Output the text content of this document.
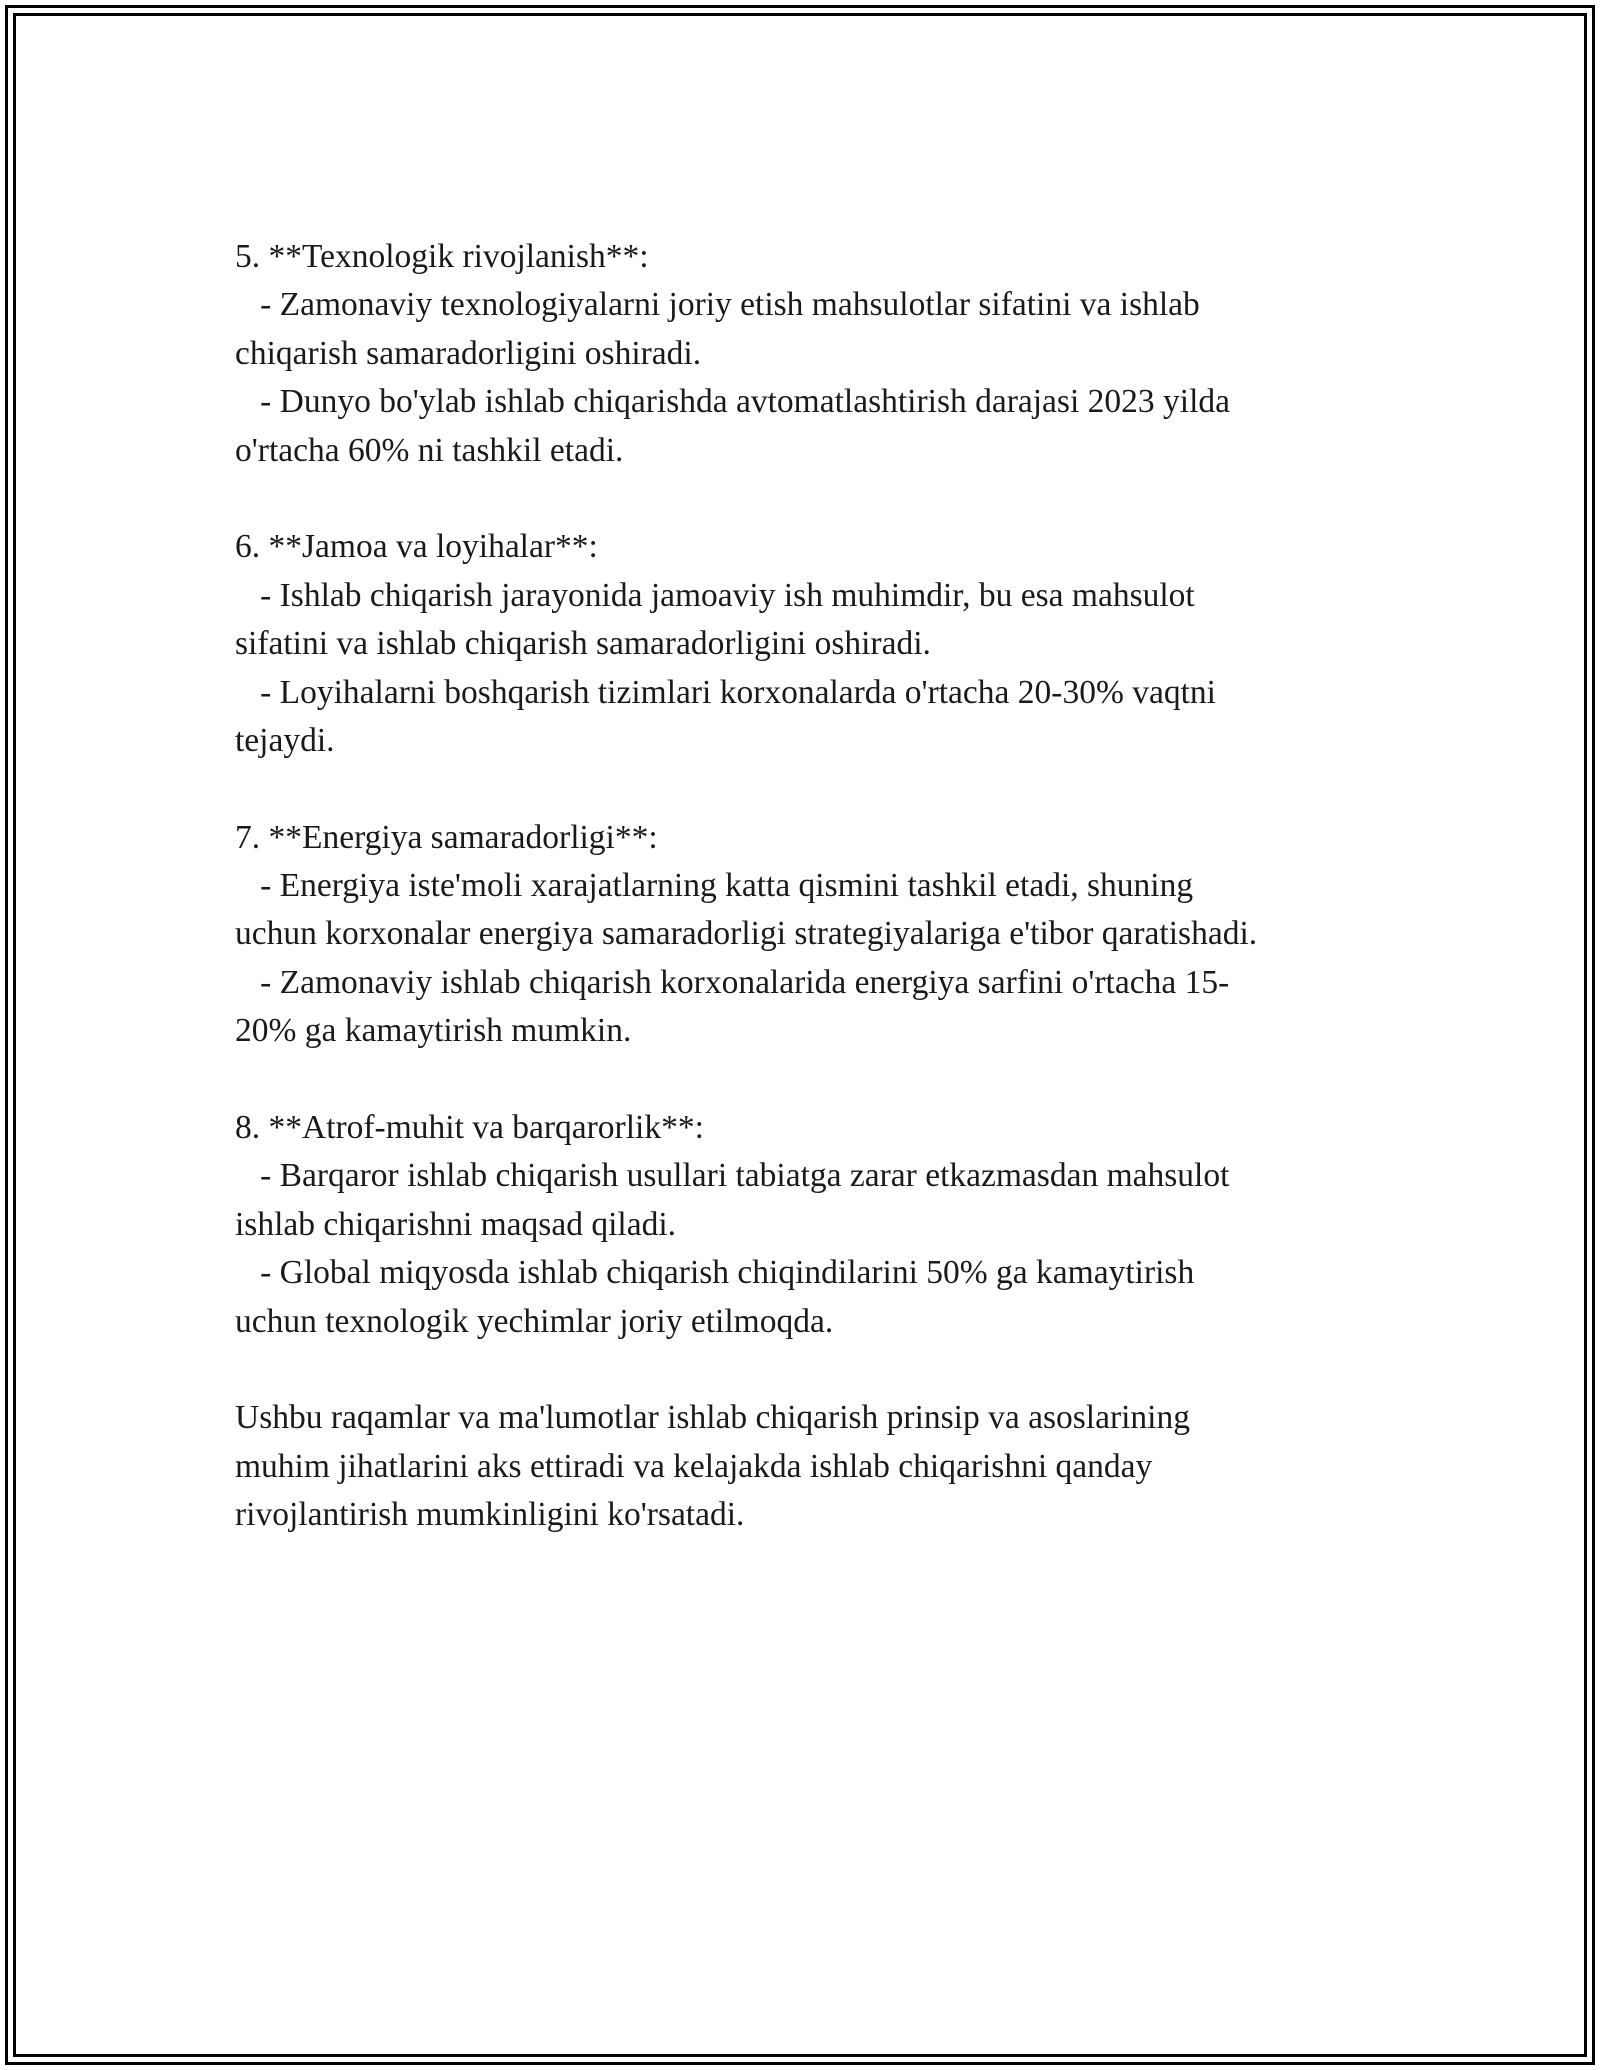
5. **Texnologik rivojlanish**:

- Zamonaviy texnologiyalarni joriy etish mahsulotlar sifatini va ishlab

chiqarish samaradorligini oshiradi.

- Dunyo bo'ylab ishlab chiqarishda avtomatlashtirish darajasi 2023 yilda

o'rtacha 60% ni tashkil etadi.

6. **Jamoa va loyihalar**:

- Ishlab chiqarish jarayonida jamoaviy ish muhimdir, bu esa mahsulot

sifatini va ishlab chiqarish samaradorligini oshiradi.

- Loyihalarni boshqarish tizimlari korxonalarda o'rtacha 20-30% vaqtni

tejaydi.

7. **Energiya samaradorligi**:

- Energiya iste'moli xarajatlarning katta qismini tashkil etadi, shuning

uchun korxonalar energiya samaradorligi strategiyalariga e'tibor qaratishadi.

- Zamonaviy ishlab chiqarish korxonalarida energiya sarfini o'rtacha 15-

20% ga kamaytirish mumkin.

8. **Atrof-muhit va barqarorlik**:

- Barqaror ishlab chiqarish usullari tabiatga zarar etkazmasdan mahsulot

ishlab chiqarishni maqsad qiladi.

- Global miqyosda ishlab chiqarish chiqindilarini 50% ga kamaytirish

uchun texnologik yechimlar joriy etilmoqda.

Ushbu raqamlar va ma'lumotlar ishlab chiqarish prinsip va asoslarining

muhim jihatlarini aks ettiradi va kelajakda ishlab chiqarishni qanday

rivojlantirish mumkinligini ko'rsatadi.
